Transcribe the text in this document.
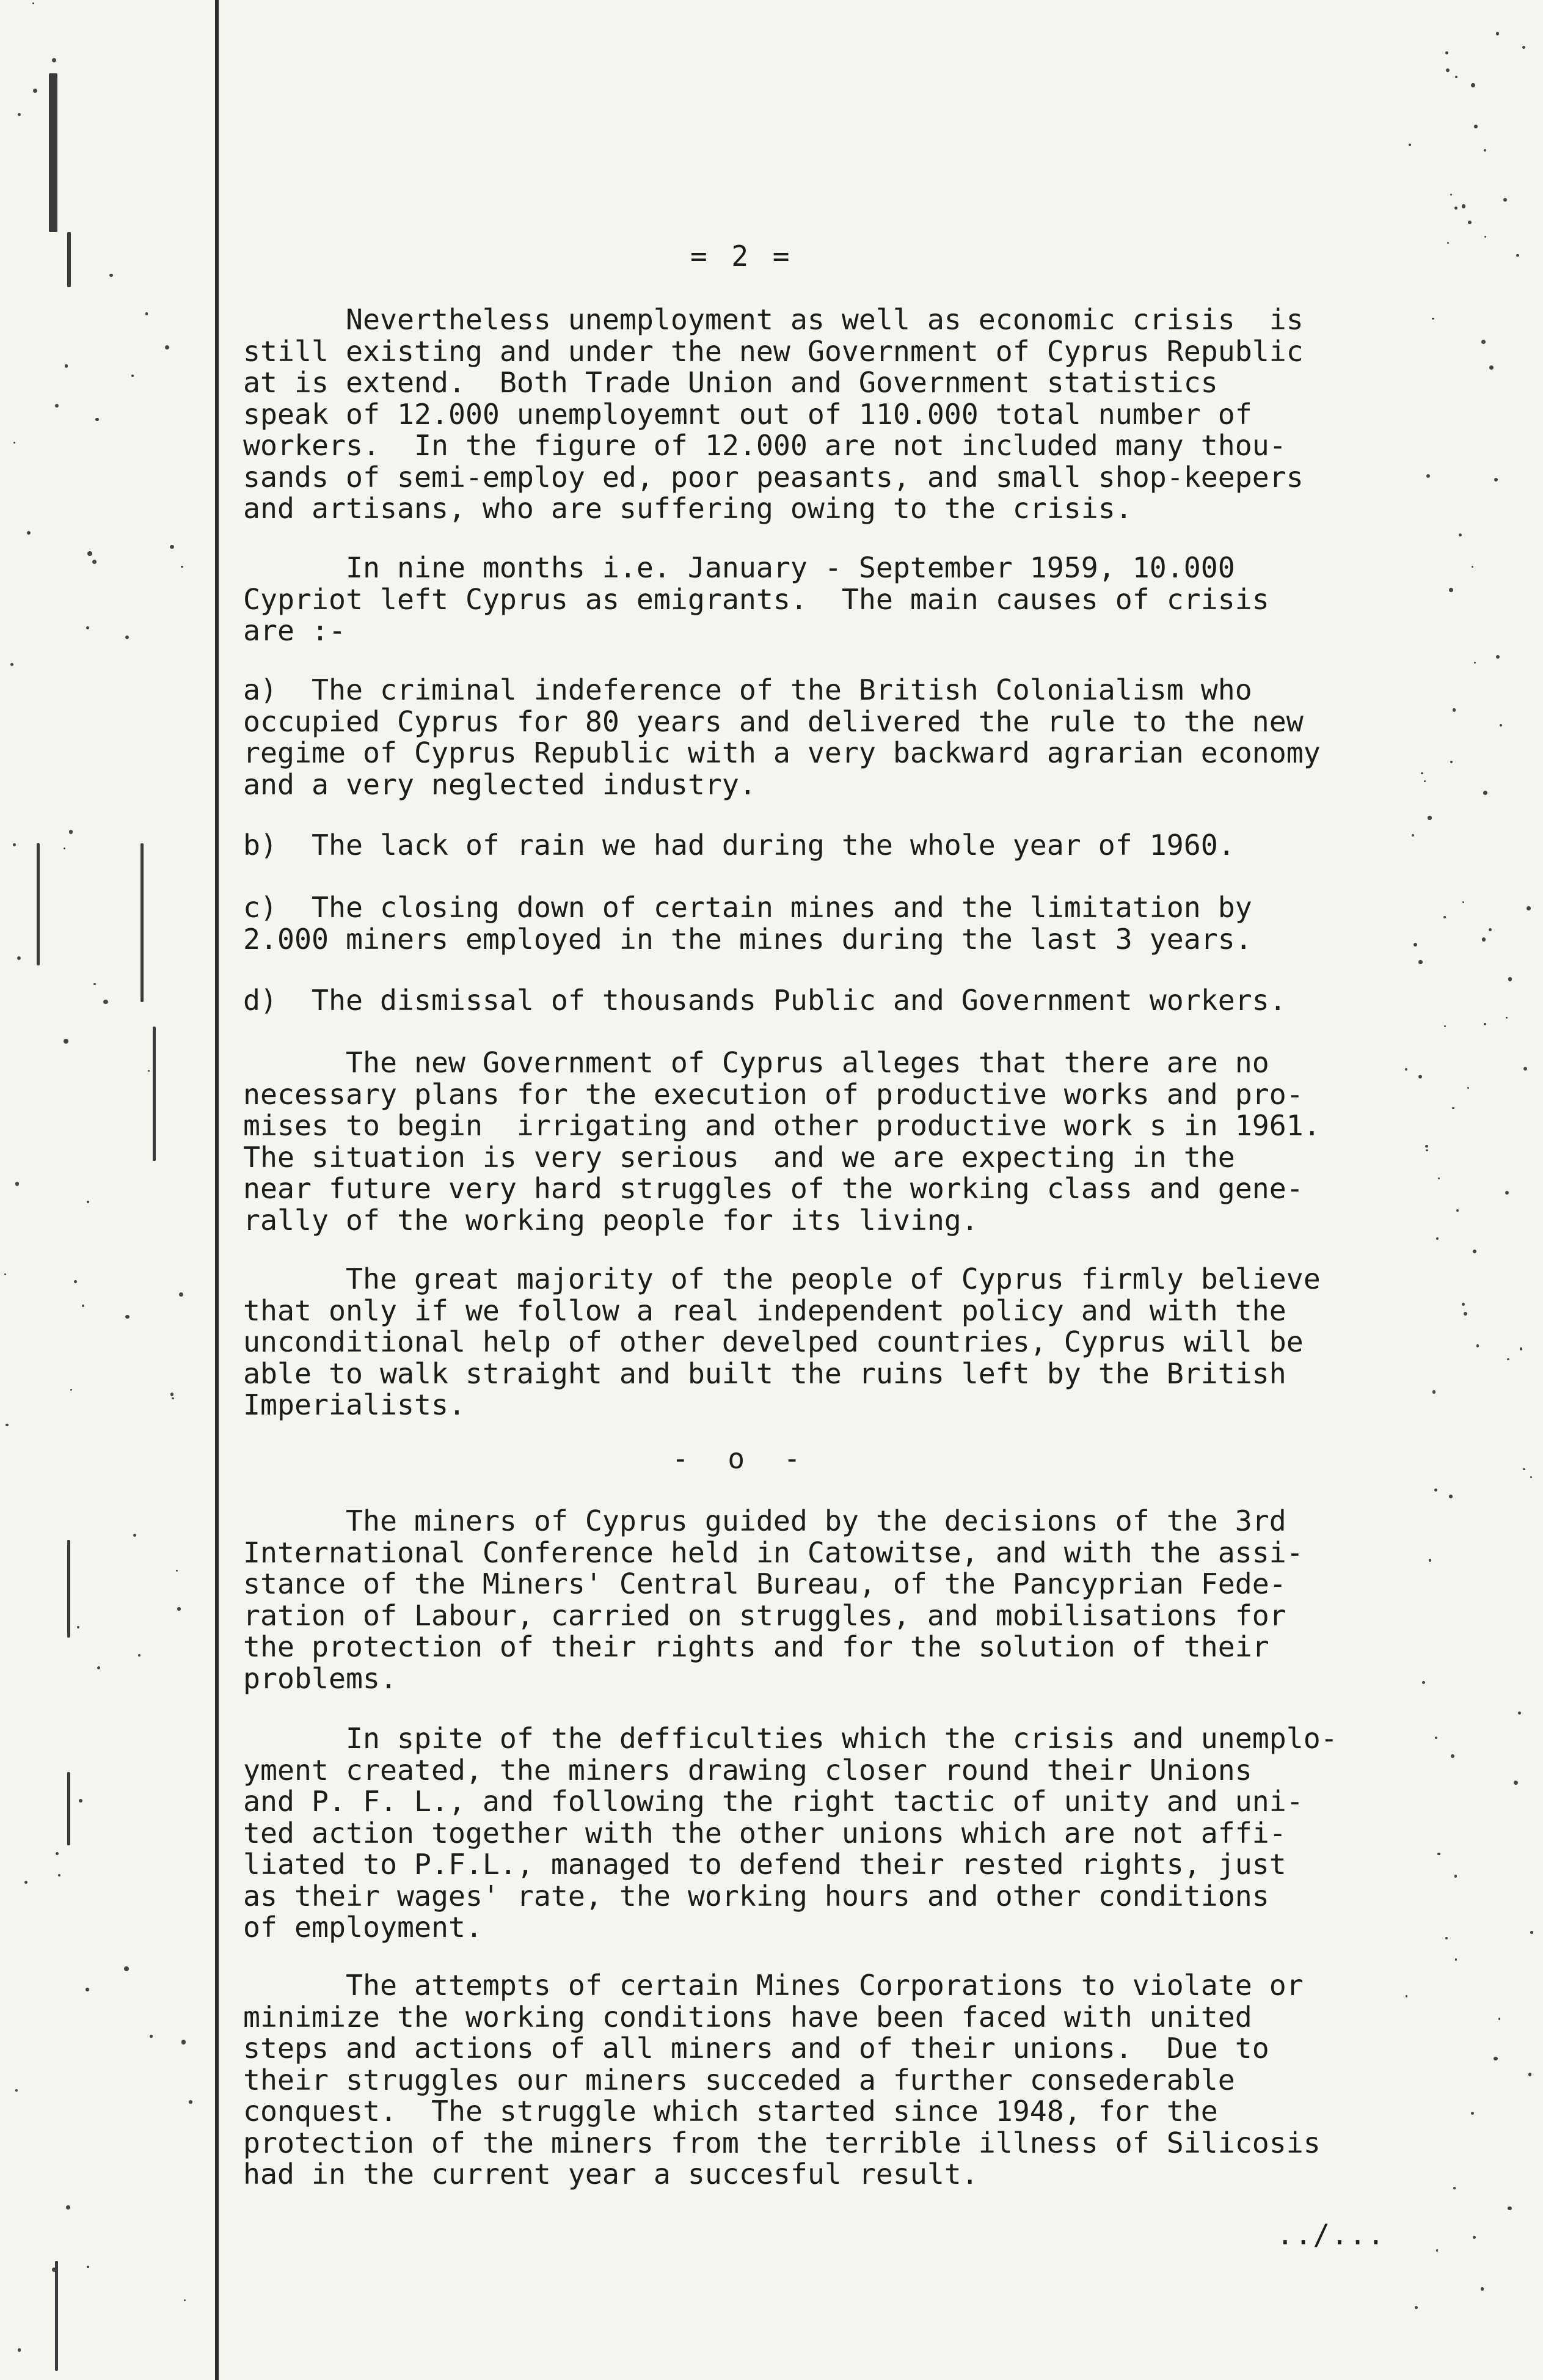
= 2 =
Nevertheless unemployment as well as economic crisis  is
still existing and under the new Government of Cyprus Republic
at is extend.  Both Trade Union and Government statistics
speak of 12.000 unemployemnt out of 110.000 total number of
workers.  In the figure of 12.000 are not included many thou-
sands of semi-employ ed, poor peasants, and small shop-keepers
and artisans, who are suffering owing to the crisis.
In nine months i.e. January - September 1959, 10.000
Cypriot left Cyprus as emigrants.  The main causes of crisis
are :-
a)  The criminal indeference of the British Colonialism who
occupied Cyprus for 80 years and delivered the rule to the new
regime of Cyprus Republic with a very backward agrarian economy
and a very neglected industry.
b)  The lack of rain we had during the whole year of 1960.
c)  The closing down of certain mines and the limitation by
2.000 miners employed in the mines during the last 3 years.
d)  The dismissal of thousands Public and Government workers.
The new Government of Cyprus alleges that there are no
necessary plans for the execution of productive works and pro-
mises to begin  irrigating and other productive work s in 1961.
The situation is very serious  and we are expecting in the
near future very hard struggles of the working class and gene-
rally of the working people for its living.
The great majority of the people of Cyprus firmly believe
that only if we follow a real independent policy and with the
unconditional help of other develped countries, Cyprus will be
able to walk straight and built the ruins left by the British
Imperialists.
- o -
The miners of Cyprus guided by the decisions of the 3rd
International Conference held in Catowitse, and with the assi-
stance of the Miners' Central Bureau, of the Pancyprian Fede-
ration of Labour, carried on struggles, and mobilisations for
the protection of their rights and for the solution of their
problems.
In spite of the defficulties which the crisis and unemplo-
yment created, the miners drawing closer round their Unions
and P. F. L., and following the right tactic of unity and uni-
ted action together with the other unions which are not affi-
liated to P.F.L., managed to defend their rested rights, just
as their wages' rate, the working hours and other conditions
of employment.
The attempts of certain Mines Corporations to violate or
minimize the working conditions have been faced with united
steps and actions of all miners and of their unions.  Due to
their struggles our miners succeded a further consederable
conquest.  The struggle which started since 1948, for the
protection of the miners from the terrible illness of Silicosis
had in the current year a succesful result.
../...
